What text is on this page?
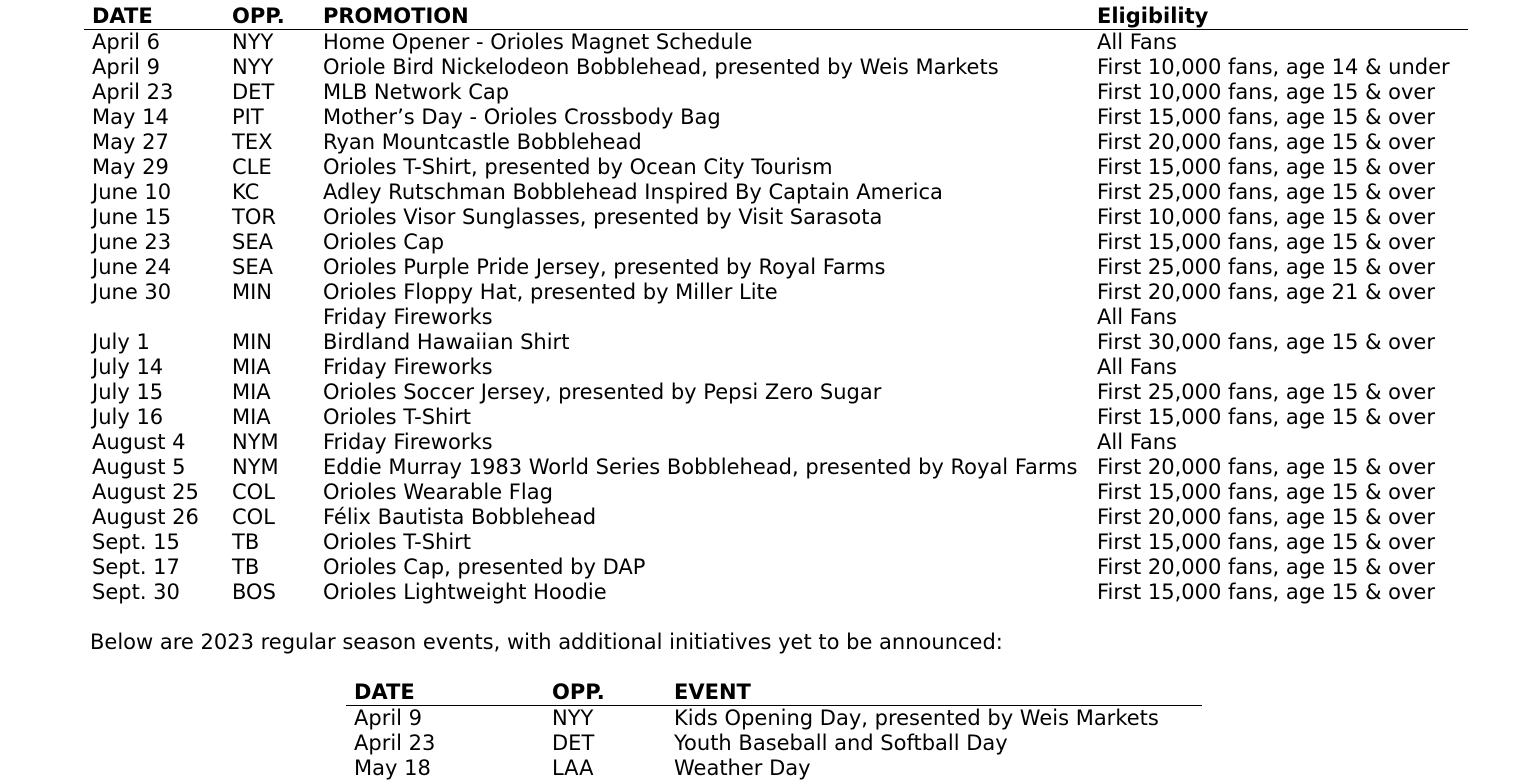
DATE	OPP.	PROMOTION	Eligibility
April 6	NYY	Home Opener - Orioles Magnet Schedule	All Fans
April 9	NYY	Oriole Bird Nickelodeon Bobblehead, presented by Weis Markets	First 10,000 fans, age 14 & under
April 23	DET	MLB Network Cap	First 10,000 fans, age 15 & over
May 14	PIT	Mother’s Day - Orioles Crossbody Bag	First 15,000 fans, age 15 & over
May 27	TEX	Ryan Mountcastle Bobblehead	First 20,000 fans, age 15 & over
May 29	CLE	Orioles T-Shirt, presented by Ocean City Tourism	First 15,000 fans, age 15 & over
June 10	KC	Adley Rutschman Bobblehead Inspired By Captain America	First 25,000 fans, age 15 & over
June 15	TOR	Orioles Visor Sunglasses, presented by Visit Sarasota	First 10,000 fans, age 15 & over
June 23	SEA	Orioles Cap	First 15,000 fans, age 15 & over
June 24	SEA	Orioles Purple Pride Jersey, presented by Royal Farms	First 25,000 fans, age 15 & over
June 30	MIN	Orioles Floppy Hat, presented by Miller Lite	First 20,000 fans, age 21 & over
		Friday Fireworks	All Fans
July 1	MIN	Birdland Hawaiian Shirt	First 30,000 fans, age 15 & over
July 14	MIA	Friday Fireworks	All Fans
July 15	MIA	Orioles Soccer Jersey, presented by Pepsi Zero Sugar	First 25,000 fans, age 15 & over
July 16	MIA	Orioles T-Shirt	First 15,000 fans, age 15 & over
August 4	NYM	Friday Fireworks	All Fans
August 5	NYM	Eddie Murray 1983 World Series Bobblehead, presented by Royal Farms	First 20,000 fans, age 15 & over
August 25	COL	Orioles Wearable Flag	First 15,000 fans, age 15 & over
August 26	COL	Félix Bautista Bobblehead	First 20,000 fans, age 15 & over
Sept. 15	TB	Orioles T-Shirt	First 15,000 fans, age 15 & over
Sept. 17	TB	Orioles Cap, presented by DAP	First 20,000 fans, age 15 & over
Sept. 30	BOS	Orioles Lightweight Hoodie	First 15,000 fans, age 15 & over
Below are 2023 regular season events, with additional initiatives yet to be announced:
DATE	OPP.	EVENT
April 9	NYY	Kids Opening Day, presented by Weis Markets
April 23	DET	Youth Baseball and Softball Day
May 18	LAA	Weather Day
